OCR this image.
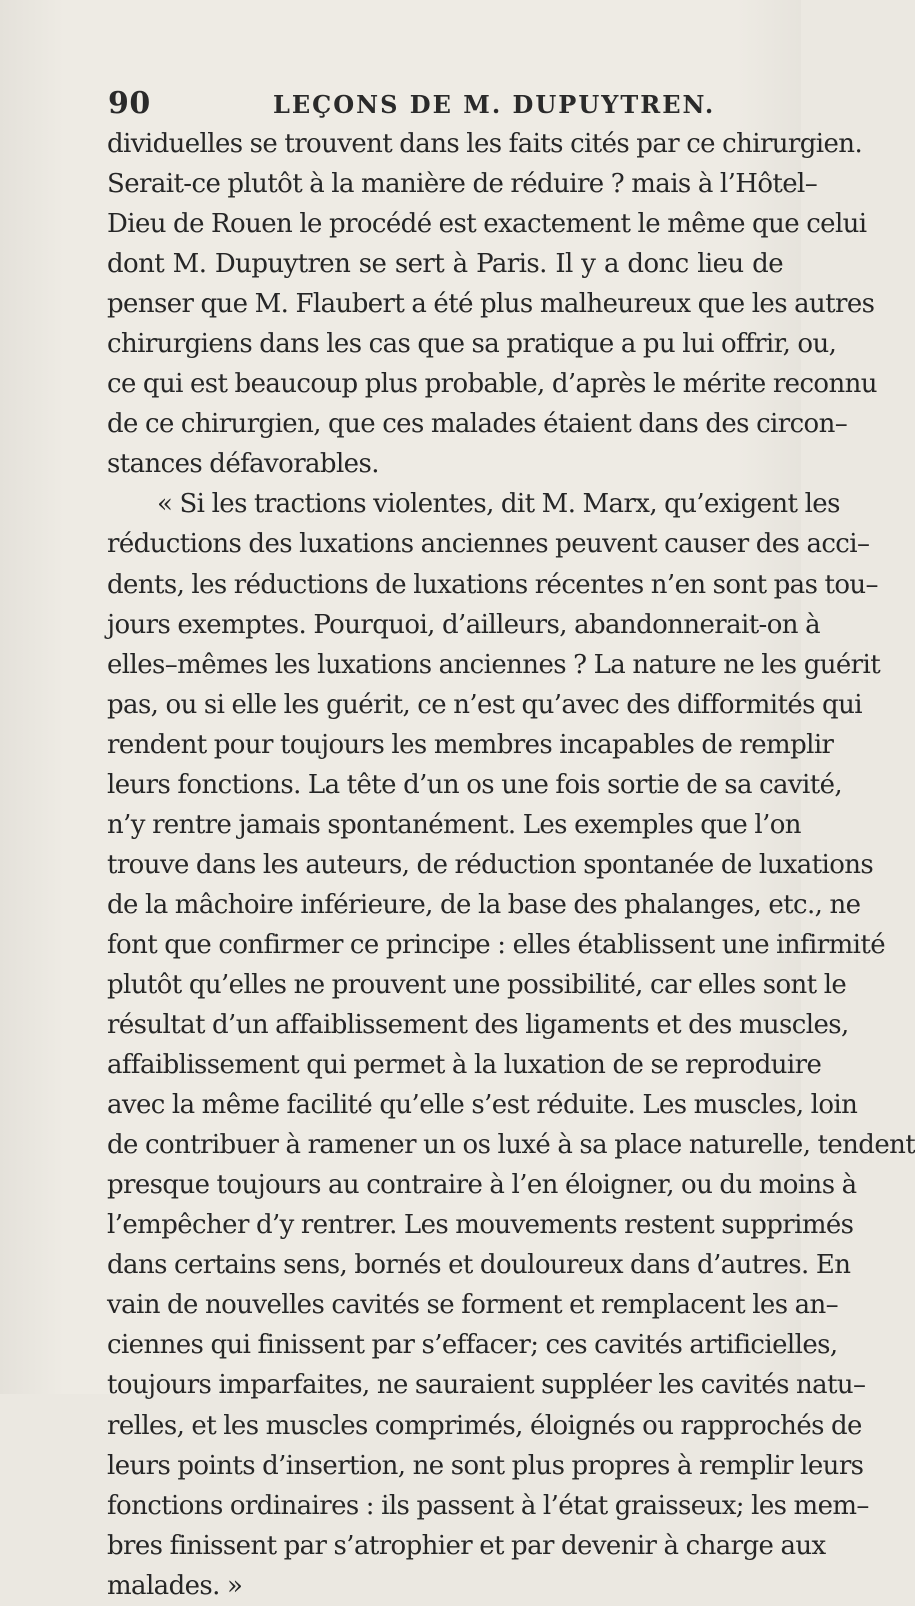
90	LEÇONS DE M. DUPUYTREN.
dividuelles se trouvent dans les faits cités par ce chirurgien.
Serait-ce plutôt à la manière de réduire ? mais à l’Hôtel–
Dieu de Rouen le procédé est exactement le même que celui
dont M. Dupuytren se sert à Paris. Il y a donc lieu de
penser que M. Flaubert a été plus malheureux que les autres
chirurgiens dans les cas que sa pratique a pu lui offrir, ou,
ce qui est beaucoup plus probable, d’après le mérite reconnu
de ce chirurgien, que ces malades étaient dans des circon–
stances défavorables.
« Si les tractions violentes, dit M. Marx, qu’exigent les
réductions des luxations anciennes peuvent causer des acci–
dents, les réductions de luxations récentes n’en sont pas tou–
jours exemptes. Pourquoi, d’ailleurs, abandonnerait-on à
elles–mêmes les luxations anciennes ? La nature ne les guérit
pas, ou si elle les guérit, ce n’est qu’avec des difformités qui
rendent pour toujours les membres incapables de remplir
leurs fonctions. La tête d’un os une fois sortie de sa cavité,
n’y rentre jamais spontanément. Les exemples que l’on
trouve dans les auteurs, de réduction spontanée de luxations
de la mâchoire inférieure, de la base des phalanges, etc., ne
font que confirmer ce principe : elles établissent une infirmité
plutôt qu’elles ne prouvent une possibilité, car elles sont le
résultat d’un affaiblissement des ligaments et des muscles,
affaiblissement qui permet à la luxation de se reproduire
avec la même facilité qu’elle s’est réduite. Les muscles, loin
de contribuer à ramener un os luxé à sa place naturelle, tendent
presque toujours au contraire à l’en éloigner, ou du moins à
l’empêcher d’y rentrer. Les mouvements restent supprimés
dans certains sens, bornés et douloureux dans d’autres. En
vain de nouvelles cavités se forment et remplacent les an–
ciennes qui finissent par s’effacer; ces cavités artificielles,
toujours imparfaites, ne sauraient suppléer les cavités natu–
relles, et les muscles comprimés, éloignés ou rapprochés de
leurs points d’insertion, ne sont plus propres à remplir leurs
fonctions ordinaires : ils passent à l’état graisseux; les mem–
bres finissent par s’atrophier et par devenir à charge aux
malades. »
